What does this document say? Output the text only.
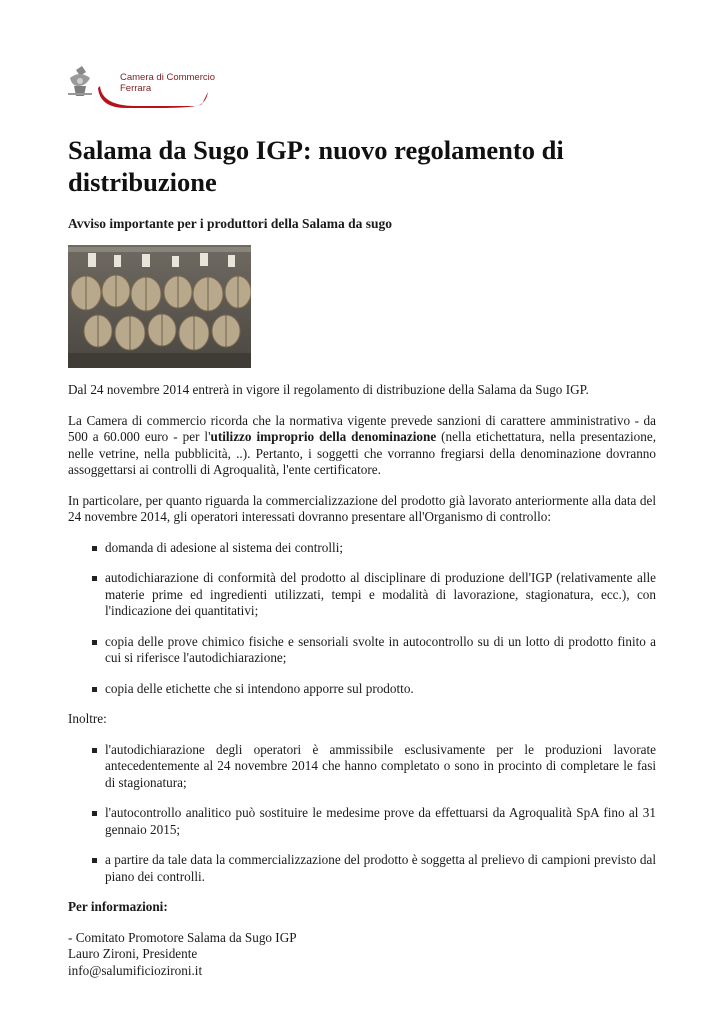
Camera di Commercio
Ferrara
Salama da Sugo IGP: nuovo regolamento di distribuzione
Avviso importante per i produttori della Salama da sugo

Dal 24 novembre 2014 entrerà in vigore il regolamento di distribuzione della Salama da Sugo IGP.

La Camera di commercio ricorda che la normativa vigente prevede sanzioni di carattere amministrativo - da 500 a 60.000 euro - per l'utilizzo improprio della denominazione (nella etichettatura, nella presentazione, nelle vetrine, nella pubblicità, ..). Pertanto, i soggetti che vorranno fregiarsi della denominazione dovranno assoggettarsi ai controlli di Agroqualità, l'ente certificatore.

In particolare, per quanto riguarda la commercializzazione del prodotto già lavorato anteriormente alla data del 24 novembre 2014, gli operatori interessati dovranno presentare all'Organismo di controllo:

domanda di adesione al sistema dei controlli;
autodichiarazione di conformità del prodotto al disciplinare di produzione dell'IGP (relativamente alle materie prime ed ingredienti utilizzati, tempi e modalità di lavorazione, stagionatura, ecc.), con l'indicazione dei quantitativi;
copia delle prove chimico fisiche e sensoriali svolte in autocontrollo su di un lotto di prodotto finito a cui si riferisce l'autodichiarazione;
copia delle etichette che si intendono apporre sul prodotto.

Inoltre:

l'autodichiarazione degli operatori è ammissibile esclusivamente per le produzioni lavorate antecedentemente al 24 novembre 2014 che hanno completato o sono in procinto di completare le fasi di stagionatura;
l'autocontrollo analitico può sostituire le medesime prove da effettuarsi da Agroqualità SpA fino al 31 gennaio 2015;
a partire da tale data la commercializzazione del prodotto è soggetta al prelievo di campioni previsto dal piano dei controlli.

Per informazioni:

- Comitato Promotore Salama da Sugo IGP
Lauro Zironi, Presidente
info@salumificiozironi.it
